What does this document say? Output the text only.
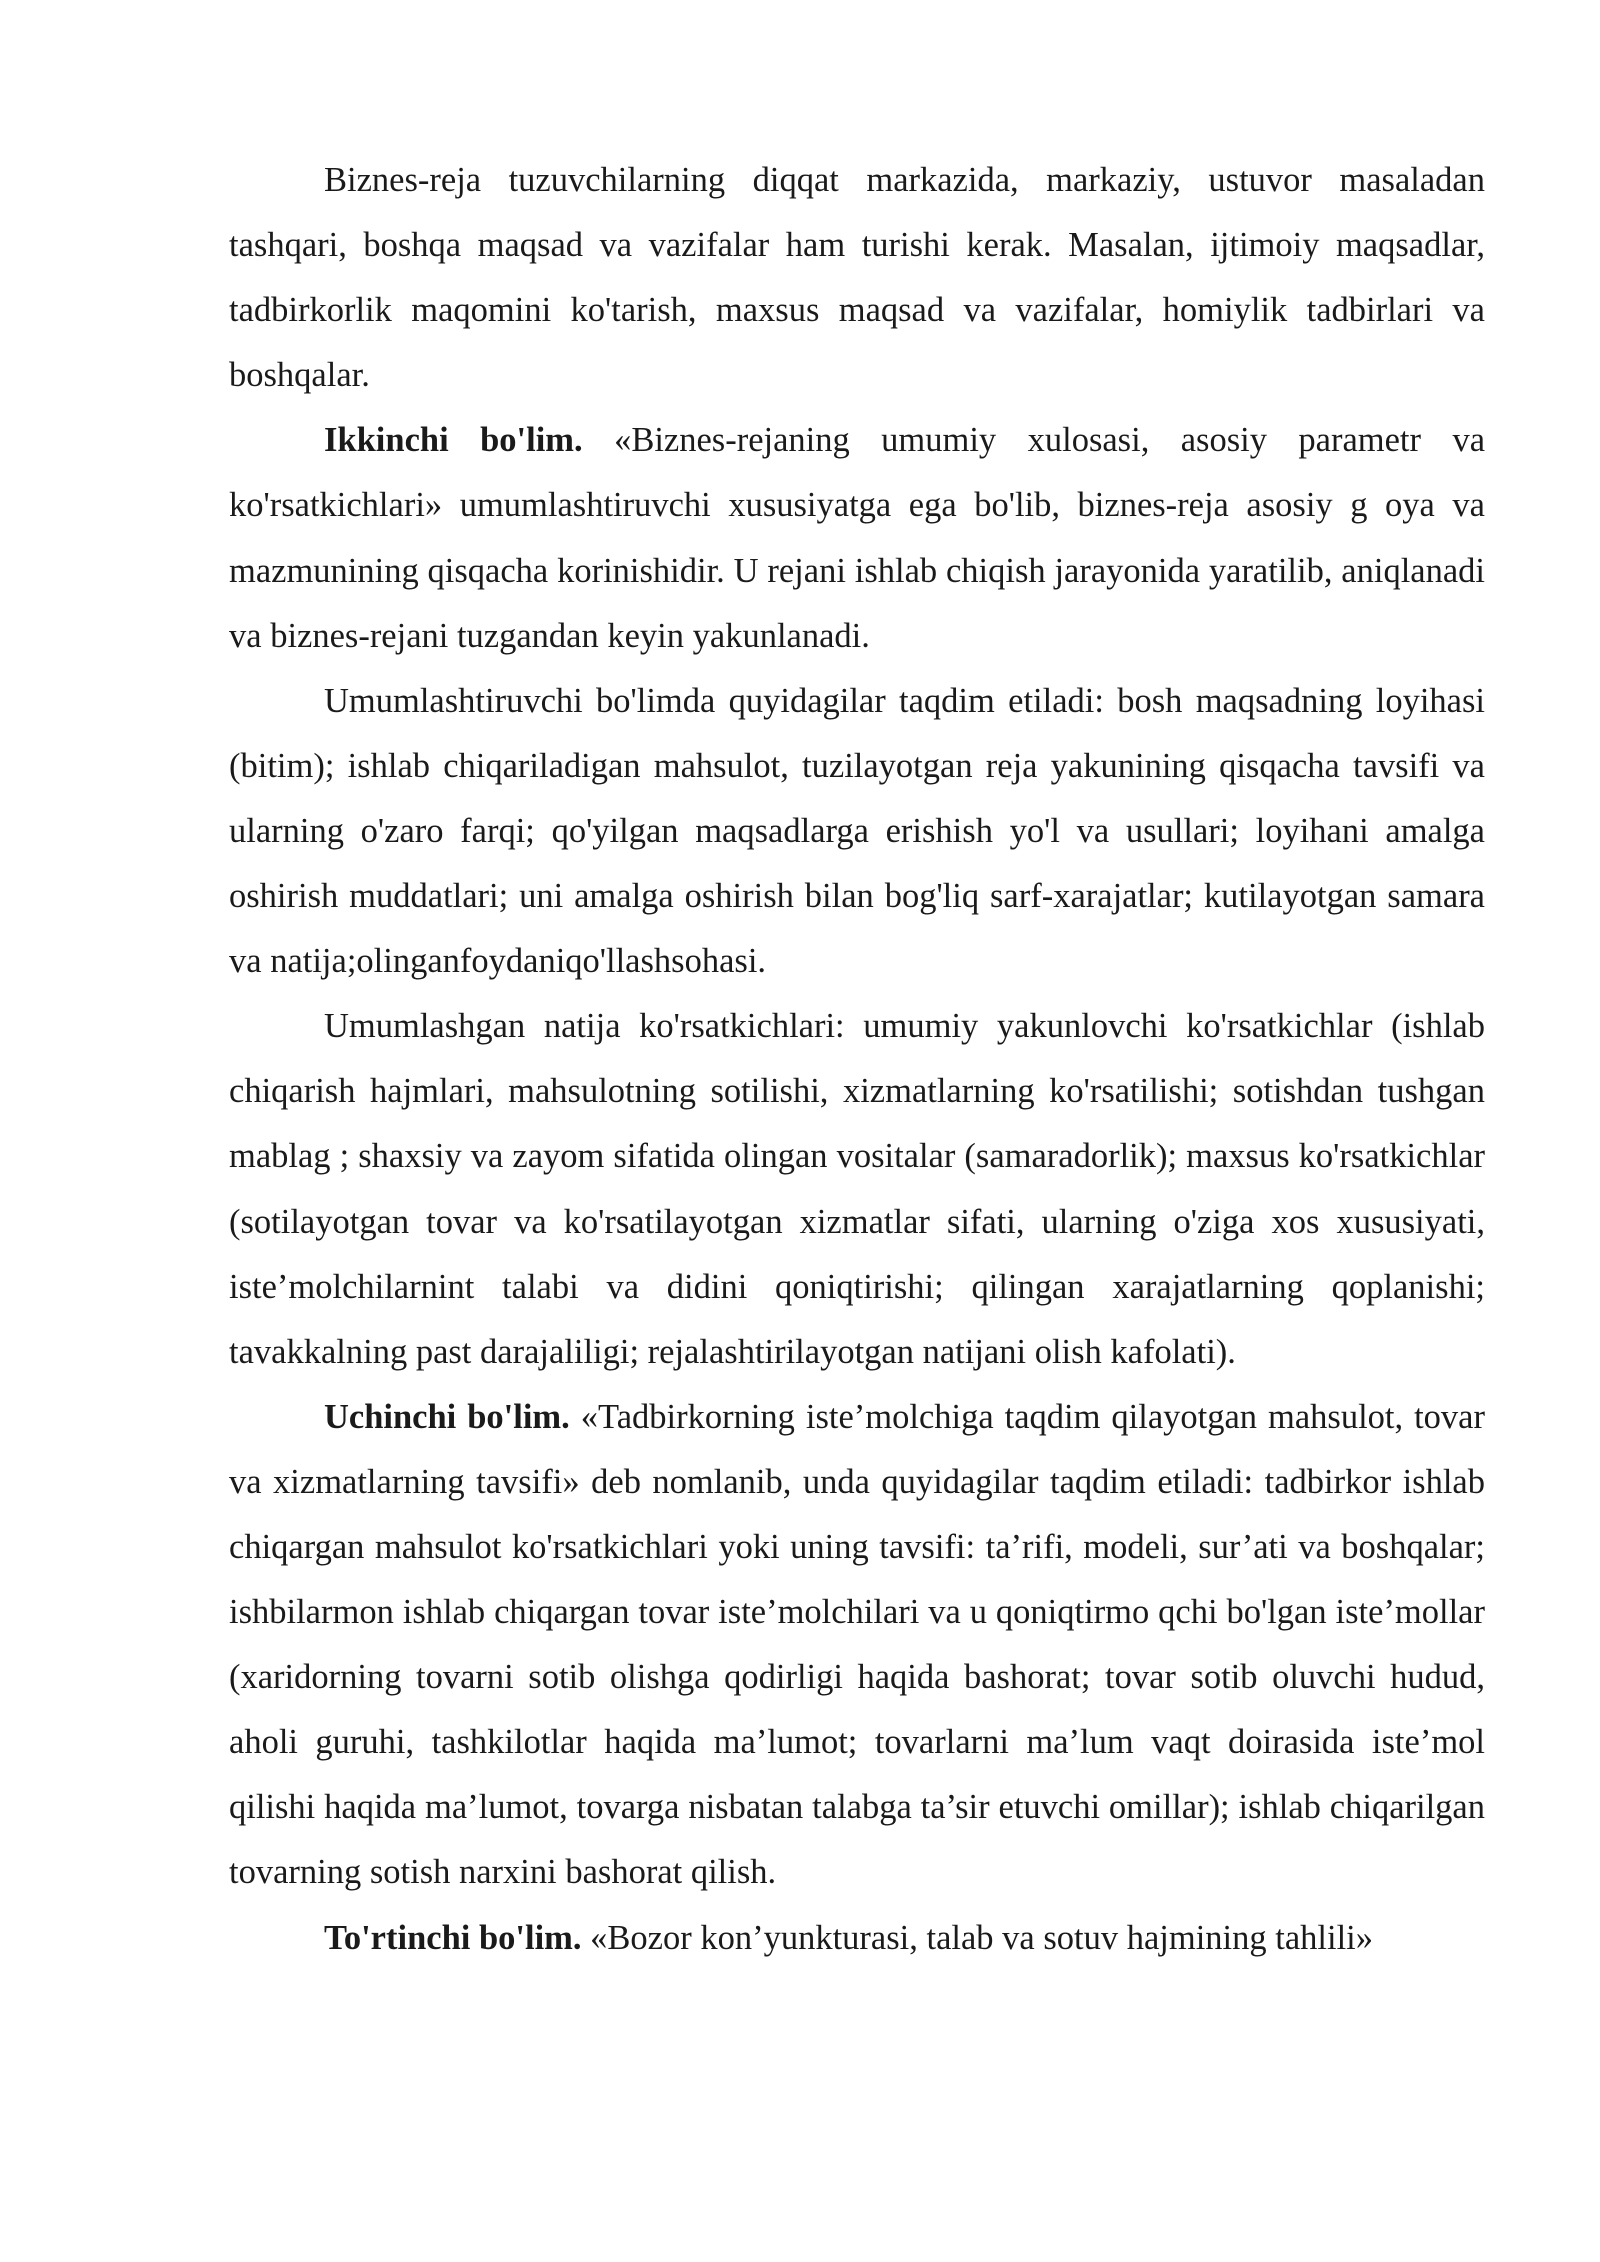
Biznes-reja tuzuvchilarning diqqat markazida, markaziy, ustuvor masaladan tashqari, boshqa maqsad va vazifalar ham turishi kerak. Masalan, ijtimoiy maqsadlar, tadbirkorlik maqomini ko'tarish, maxsus maqsad va vazifalar, homiylik tadbirlari va boshqalar.

Ikkinchi bo'lim. «Biznes-rejaning umumiy xulosasi, asosiy parametr va ko'rsatkichlari» umumlashtiruvchi xususiyatga ega bo'lib, biznes-reja asosiy g oya va mazmunining qisqacha korinishidir. U rejani ishlab chiqish jarayonida yaratilib, aniqlanadi va biznes-rejani tuzgandan keyin yakunlanadi.

Umumlashtiruvchi bo'limda quyidagilar taqdim etiladi: bosh maqsadning loyihasi (bitim); ishlab chiqariladigan mahsulot, tuzilayotgan reja yakunining qisqacha tavsifi va ularning o'zaro farqi; qo'yilgan maqsadlarga erishish yo'l va usullari; loyihani amalga oshirish muddatlari; uni amalga oshirish bilan bog'liq sarf-xarajatlar; kutilayotgan samara va natija;olinganfoydaniqo'llashsohasi.

Umumlashgan natija ko'rsatkichlari: umumiy yakunlovchi ko'rsatkichlar (ishlab chiqarish hajmlari, mahsulotning sotilishi, xizmatlarning ko'rsatilishi; sotishdan tushgan mablag ; shaxsiy va zayom sifatida olingan vositalar (samaradorlik); maxsus ko'rsatkichlar (sotilayotgan tovar va ko'rsatilayotgan xizmatlar sifati, ularning o'ziga xos xususiyati, iste’molchilarnint talabi va didini qoniqtirishi; qilingan xarajatlarning qoplanishi; tavakkalning past darajaliligi; rejalashtirilayotgan natijani olish kafolati).

Uchinchi bo'lim. «Tadbirkorning iste’molchiga taqdim qilayotgan mahsulot, tovar va xizmatlarning tavsifi» deb nomlanib, unda quyidagilar taqdim etiladi: tadbirkor ishlab chiqargan mahsulot ko'rsatkichlari yoki uning tavsifi: ta’rifi, modeli, sur’ati va boshqalar; ishbilarmon ishlab chiqargan tovar iste’molchilari va u qoniqtirmo qchi bo'lgan iste’mollar (xaridorning tovarni sotib olishga qodirligi haqida bashorat; tovar sotib oluvchi hudud, aholi guruhi, tashkilotlar haqida ma’lumot; tovarlarni ma’lum vaqt doirasida iste’mol qilishi haqida ma’lumot, tovarga nisbatan talabga ta’sir etuvchi omillar); ishlab chiqarilgan tovarning sotish narxini bashorat qilish.

To'rtinchi bo'lim. «Bozor kon’yunkturasi, talab va sotuv hajmining tahlili»
